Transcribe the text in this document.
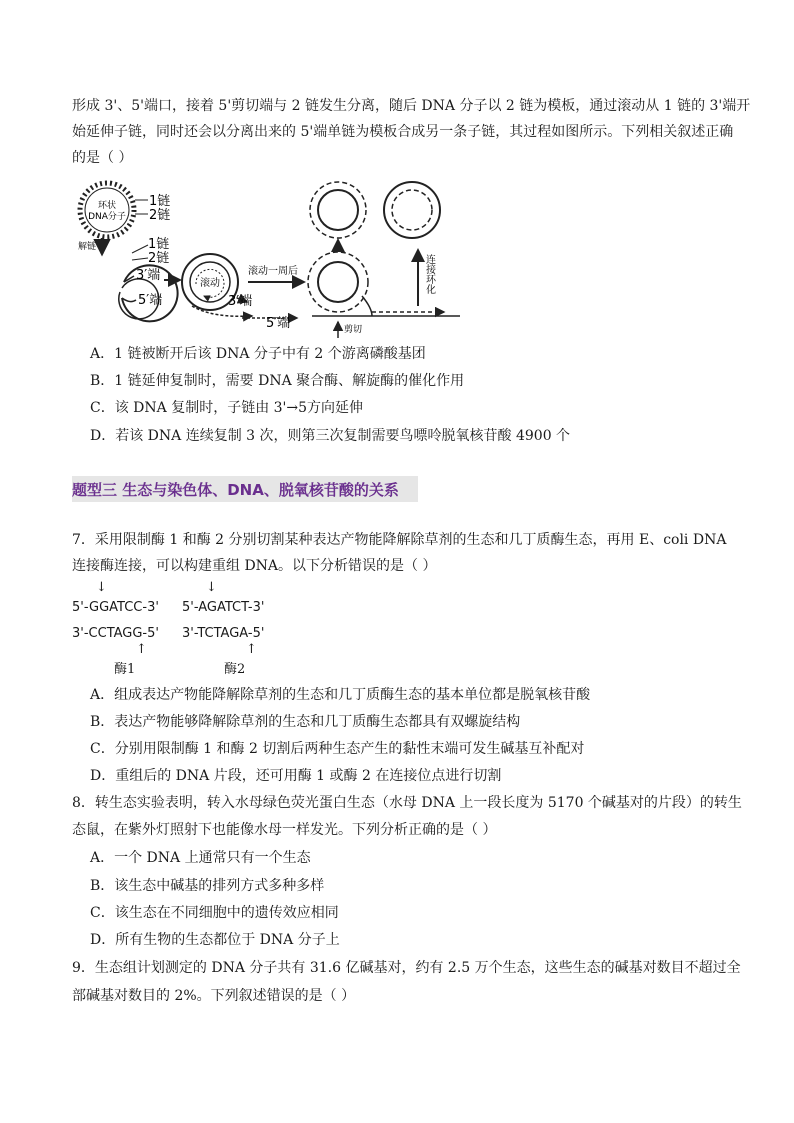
形成 3'、5'端口，接着 5'剪切端与 2 链发生分离，随后 DNA 分子以 2 链为模板，通过滚动从 1 链的 3'端开
始延伸子链，同时还会以分离出来的 5'端单链为模板合成另一条子链，其过程如图所示。下列相关叙述正确
的是（ ）
环状
DNA分子
1链
2链
解链	1链
2链
3′端
5′端
滚动
3′端
5′端
滚动一周后
剪切
连接环化
A．1 链被断开后该 DNA 分子中有 2 个游离磷酸基团
B．1 链延伸复制时，需要 DNA 聚合酶、解旋酶的催化作用
C．该 DNA 复制时，子链由 3'→5方向延伸
D．若该 DNA 连续复制 3 次，则第三次复制需要鸟嘌呤脱氧核苷酸 4900 个
题型三 生态与染色体、DNA、脱氧核苷酸的关系
7．采用限制酶 1 和酶 2 分别切割某种表达产物能降解除草剂的生态和几丁质酶生态，再用 E、coli DNA
连接酶连接，可以构建重组 DNA。以下分析错误的是（ ）
↓	↓
5'-GGATCC-3' 5'-AGATCT-3'
3'-CCTAGG-5' 3'-TCTAGA-5'
↑	↑
酶1	酶2
A．组成表达产物能降解除草剂的生态和几丁质酶生态的基本单位都是脱氧核苷酸
B．表达产物能够降解除草剂的生态和几丁质酶生态都具有双螺旋结构
C．分别用限制酶 1 和酶 2 切割后两种生态产生的黏性末端可发生碱基互补配对
D．重组后的 DNA 片段，还可用酶 1 或酶 2 在连接位点进行切割
8．转生态实验表明，转入水母绿色荧光蛋白生态（水母 DNA 上一段长度为 5170 个碱基对的片段）的转生
态鼠，在紫外灯照射下也能像水母一样发光。下列分析正确的是（ ）
A．一个 DNA 上通常只有一个生态
B．该生态中碱基的排列方式多种多样
C．该生态在不同细胞中的遗传效应相同
D．所有生物的生态都位于 DNA 分子上
9．生态组计划测定的 DNA 分子共有 31.6 亿碱基对，约有 2.5 万个生态，这些生态的碱基对数目不超过全
部碱基对数目的 2%。下列叙述错误的是（ ）
